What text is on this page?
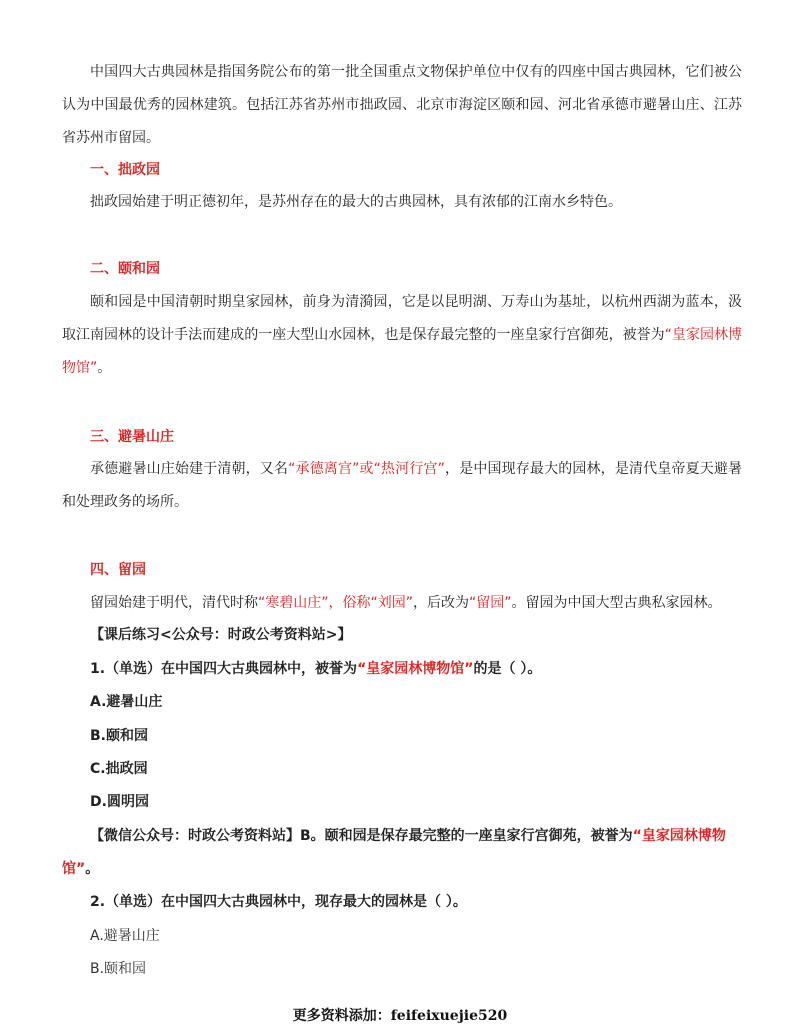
中国四大古典园林是指国务院公布的第一批全国重点文物保护单位中仅有的四座中国古典园林，它们被公认为中国最优秀的园林建筑。包括江苏省苏州市拙政园、北京市海淀区颐和园、河北省承德市避暑山庄、江苏省苏州市留园。

一、拙政园

拙政园始建于明正德初年，是苏州存在的最大的古典园林，具有浓郁的江南水乡特色。

二、颐和园

颐和园是中国清朝时期皇家园林，前身为清漪园，它是以昆明湖、万寿山为基址，以杭州西湖为蓝本，汲取江南园林的设计手法而建成的一座大型山水园林，也是保存最完整的一座皇家行宫御苑，被誉为“皇家园林博物馆”。

三、避暑山庄

承德避暑山庄始建于清朝，又名“承德离宫”或“热河行宫”，是中国现存最大的园林，是清代皇帝夏天避暑和处理政务的场所。

四、留园

留园始建于明代，清代时称“寒碧山庄”，俗称“刘园”，后改为“留园”。留园为中国大型古典私家园林。

【课后练习<公众号：时政公考资料站>】

1.（单选）在中国四大古典园林中，被誉为“皇家园林博物馆”的是（ ）。

A.避暑山庄

B.颐和园

C.拙政园

D.圆明园

【微信公众号：时政公考资料站】B。颐和园是保存最完整的一座皇家行宫御苑，被誉为“皇家园林博物馆”。

2.（单选）在中国四大古典园林中，现存最大的园林是（ ）。

A.避暑山庄

B.颐和园

更多资料添加：feifeixuejie520
